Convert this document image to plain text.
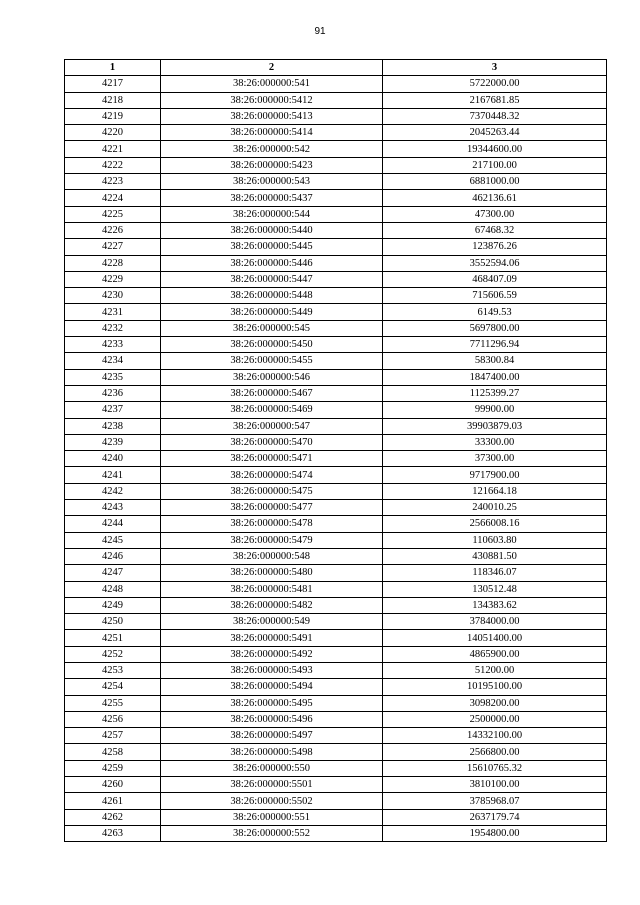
91
1	2	3
4217	38:26:000000:541	5722000.00
4218	38:26:000000:5412	2167681.85
4219	38:26:000000:5413	7370448.32
4220	38:26:000000:5414	2045263.44
4221	38:26:000000:542	19344600.00
4222	38:26:000000:5423	217100.00
4223	38:26:000000:543	6881000.00
4224	38:26:000000:5437	462136.61
4225	38:26:000000:544	47300.00
4226	38:26:000000:5440	67468.32
4227	38:26:000000:5445	123876.26
4228	38:26:000000:5446	3552594.06
4229	38:26:000000:5447	468407.09
4230	38:26:000000:5448	715606.59
4231	38:26:000000:5449	6149.53
4232	38:26:000000:545	5697800.00
4233	38:26:000000:5450	7711296.94
4234	38:26:000000:5455	58300.84
4235	38:26:000000:546	1847400.00
4236	38:26:000000:5467	1125399.27
4237	38:26:000000:5469	99900.00
4238	38:26:000000:547	39903879.03
4239	38:26:000000:5470	33300.00
4240	38:26:000000:5471	37300.00
4241	38:26:000000:5474	9717900.00
4242	38:26:000000:5475	121664.18
4243	38:26:000000:5477	240010.25
4244	38:26:000000:5478	2566008.16
4245	38:26:000000:5479	110603.80
4246	38:26:000000:548	430881.50
4247	38:26:000000:5480	118346.07
4248	38:26:000000:5481	130512.48
4249	38:26:000000:5482	134383.62
4250	38:26:000000:549	3784000.00
4251	38:26:000000:5491	14051400.00
4252	38:26:000000:5492	4865900.00
4253	38:26:000000:5493	51200.00
4254	38:26:000000:5494	10195100.00
4255	38:26:000000:5495	3098200.00
4256	38:26:000000:5496	2500000.00
4257	38:26:000000:5497	14332100.00
4258	38:26:000000:5498	2566800.00
4259	38:26:000000:550	15610765.32
4260	38:26:000000:5501	3810100.00
4261	38:26:000000:5502	3785968.07
4262	38:26:000000:551	2637179.74
4263	38:26:000000:552	1954800.00
